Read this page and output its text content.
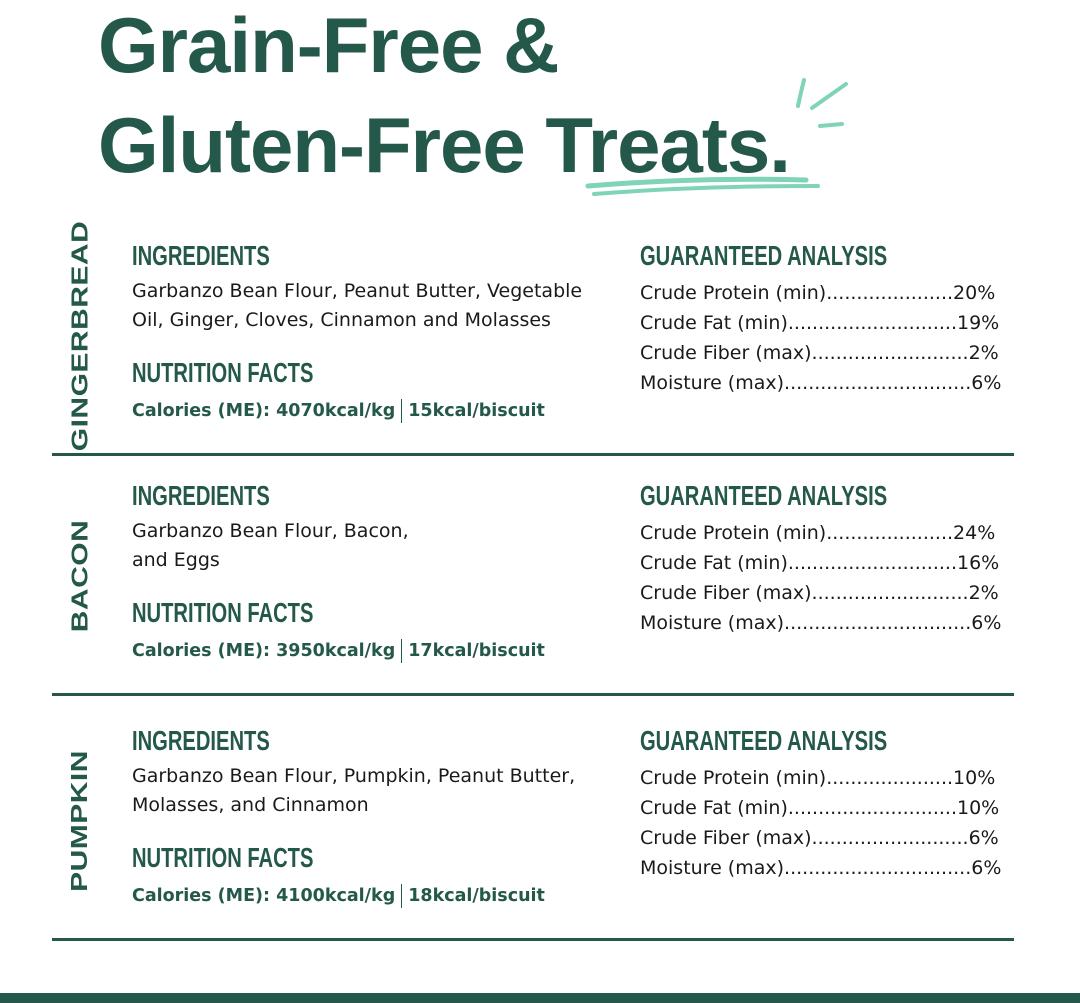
Grain-Free &
Gluten-Free Treats.
GINGERBREAD INGREDIENTS

Garbanzo Bean Flour, Peanut Butter, Vegetable Oil, Ginger, Cloves, Cinnamon and Molasses

NUTRITION FACTS

Calories (ME): 4070kcal/kg 15kcal/biscuit

GUARANTEED ANALYSIS

Crude Protein (min).....................20%

Crude Fat (min)............................19%

Crude Fiber (max)..........................2%

Moisture (max)...............................6%

BACON
INGREDIENTS

Garbanzo Bean Flour, Bacon,

and Eggs

NUTRITION FACTS

Calories (ME): 3950kcal/kg 17kcal/biscuit

GUARANTEED ANALYSIS

Crude Protein (min).....................24%

Crude Fat (min)............................16%

Crude Fiber (max)..........................2%

Moisture (max)...............................6%

PUMPKIN
INGREDIENTS

Garbanzo Bean Flour, Pumpkin, Peanut Butter, Molasses, and Cinnamon

NUTRITION FACTS

Calories (ME): 4100kcal/kg 18kcal/biscuit

GUARANTEED ANALYSIS

Crude Protein (min).....................10%

Crude Fat (min)............................10%

Crude Fiber (max)..........................6%

Moisture (max)...............................6%
